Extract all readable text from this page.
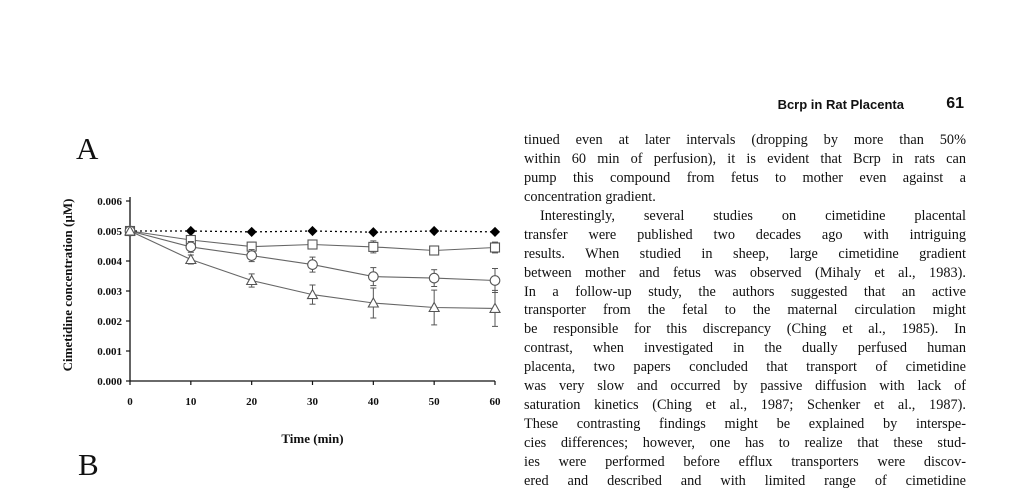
Bcrp in Rat Placenta	61
A
B
0.000
0.001
0.002
0.003
0.004
0.005
0.006
0	10	20	30	40	50	60
Time (min)
Cimetidine concentration (µM)
tinued even at later intervals (dropping by more than 50%
within 60 min of perfusion), it is evident that Bcrp in rats can
pump this compound from fetus to mother even against a
concentration gradient.
Interestingly, several studies on cimetidine placental
transfer were published two decades ago with intriguing
results. When studied in sheep, large cimetidine gradient
between mother and fetus was observed (Mihaly et al., 1983).
In a follow-up study, the authors suggested that an active
transporter from the fetal to the maternal circulation might
be responsible for this discrepancy (Ching et al., 1985). In
contrast, when investigated in the dually perfused human
placenta, two papers concluded that transport of cimetidine
was very slow and occurred by passive diffusion with lack of
saturation kinetics (Ching et al., 1987; Schenker et al., 1987).
These contrasting findings might be explained by interspe-
cies differences; however, one has to realize that these stud-
ies were performed before efflux transporters were discov-
ered and described and with limited range of cimetidine
